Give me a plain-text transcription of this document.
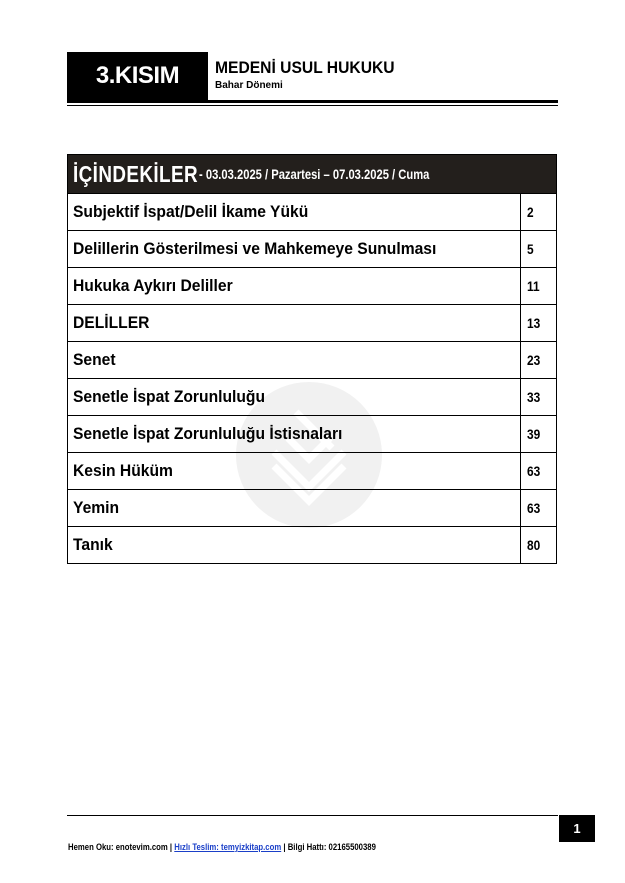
3.KISIM	MEDENİ USUL HUKUKU
Bahar Dönemi
İÇİNDEKİLER - 03.03.2025 / Pazartesi – 07.03.2025 / Cuma
Subjektif İspat/Delil İkame Yükü	2
Delillerin Gösterilmesi ve Mahkemeye Sunulması	5
Hukuka Aykırı Deliller	11
DELİLLER	13
Senet	23
Senetle İspat Zorunluluğu	33
Senetle İspat Zorunluluğu İstisnaları	39
Kesin Hüküm	63
Yemin	63
Tanık	80
1
Hemen Oku: enotevim.com | Hızlı Teslim: temyizkitap.com | Bilgi Hattı: 02165500389
